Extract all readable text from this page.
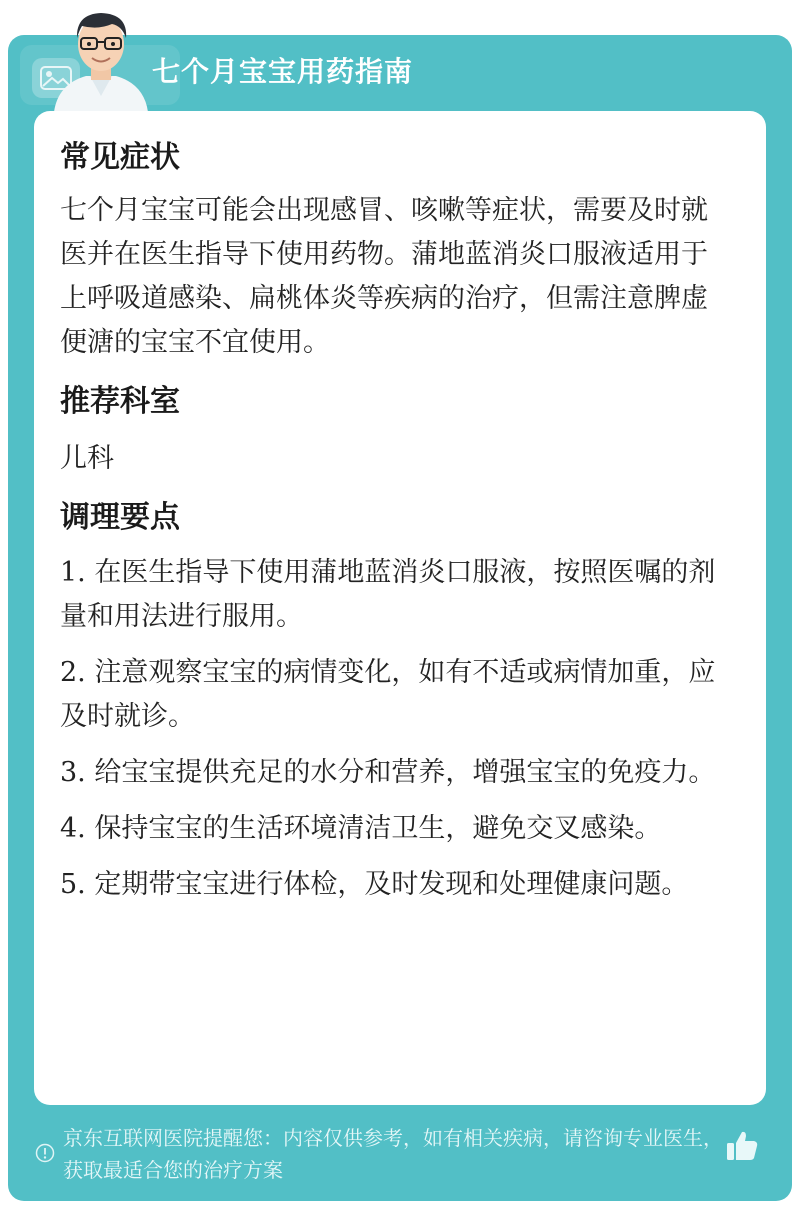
七个月宝宝用药指南
常见症状

七个月宝宝可能会出现感冒、咳嗽等症状，需要及时就医并在医生指导下使用药物。蒲地蓝消炎口服液适用于上呼吸道感染、扁桃体炎等疾病的治疗，但需注意脾虚便溏的宝宝不宜使用。

推荐科室

儿科

调理要点

1. 在医生指导下使用蒲地蓝消炎口服液，按照医嘱的剂量和用法进行服用。

2. 注意观察宝宝的病情变化，如有不适或病情加重，应及时就诊。

3. 给宝宝提供充足的水分和营养，增强宝宝的免疫力。

4. 保持宝宝的生活环境清洁卫生，避免交叉感染。

5. 定期带宝宝进行体检，及时发现和处理健康问题。

京东互联网医院提醒您：内容仅供参考，如有相关疾病，请咨询专业医生，获取最适合您的治疗方案
